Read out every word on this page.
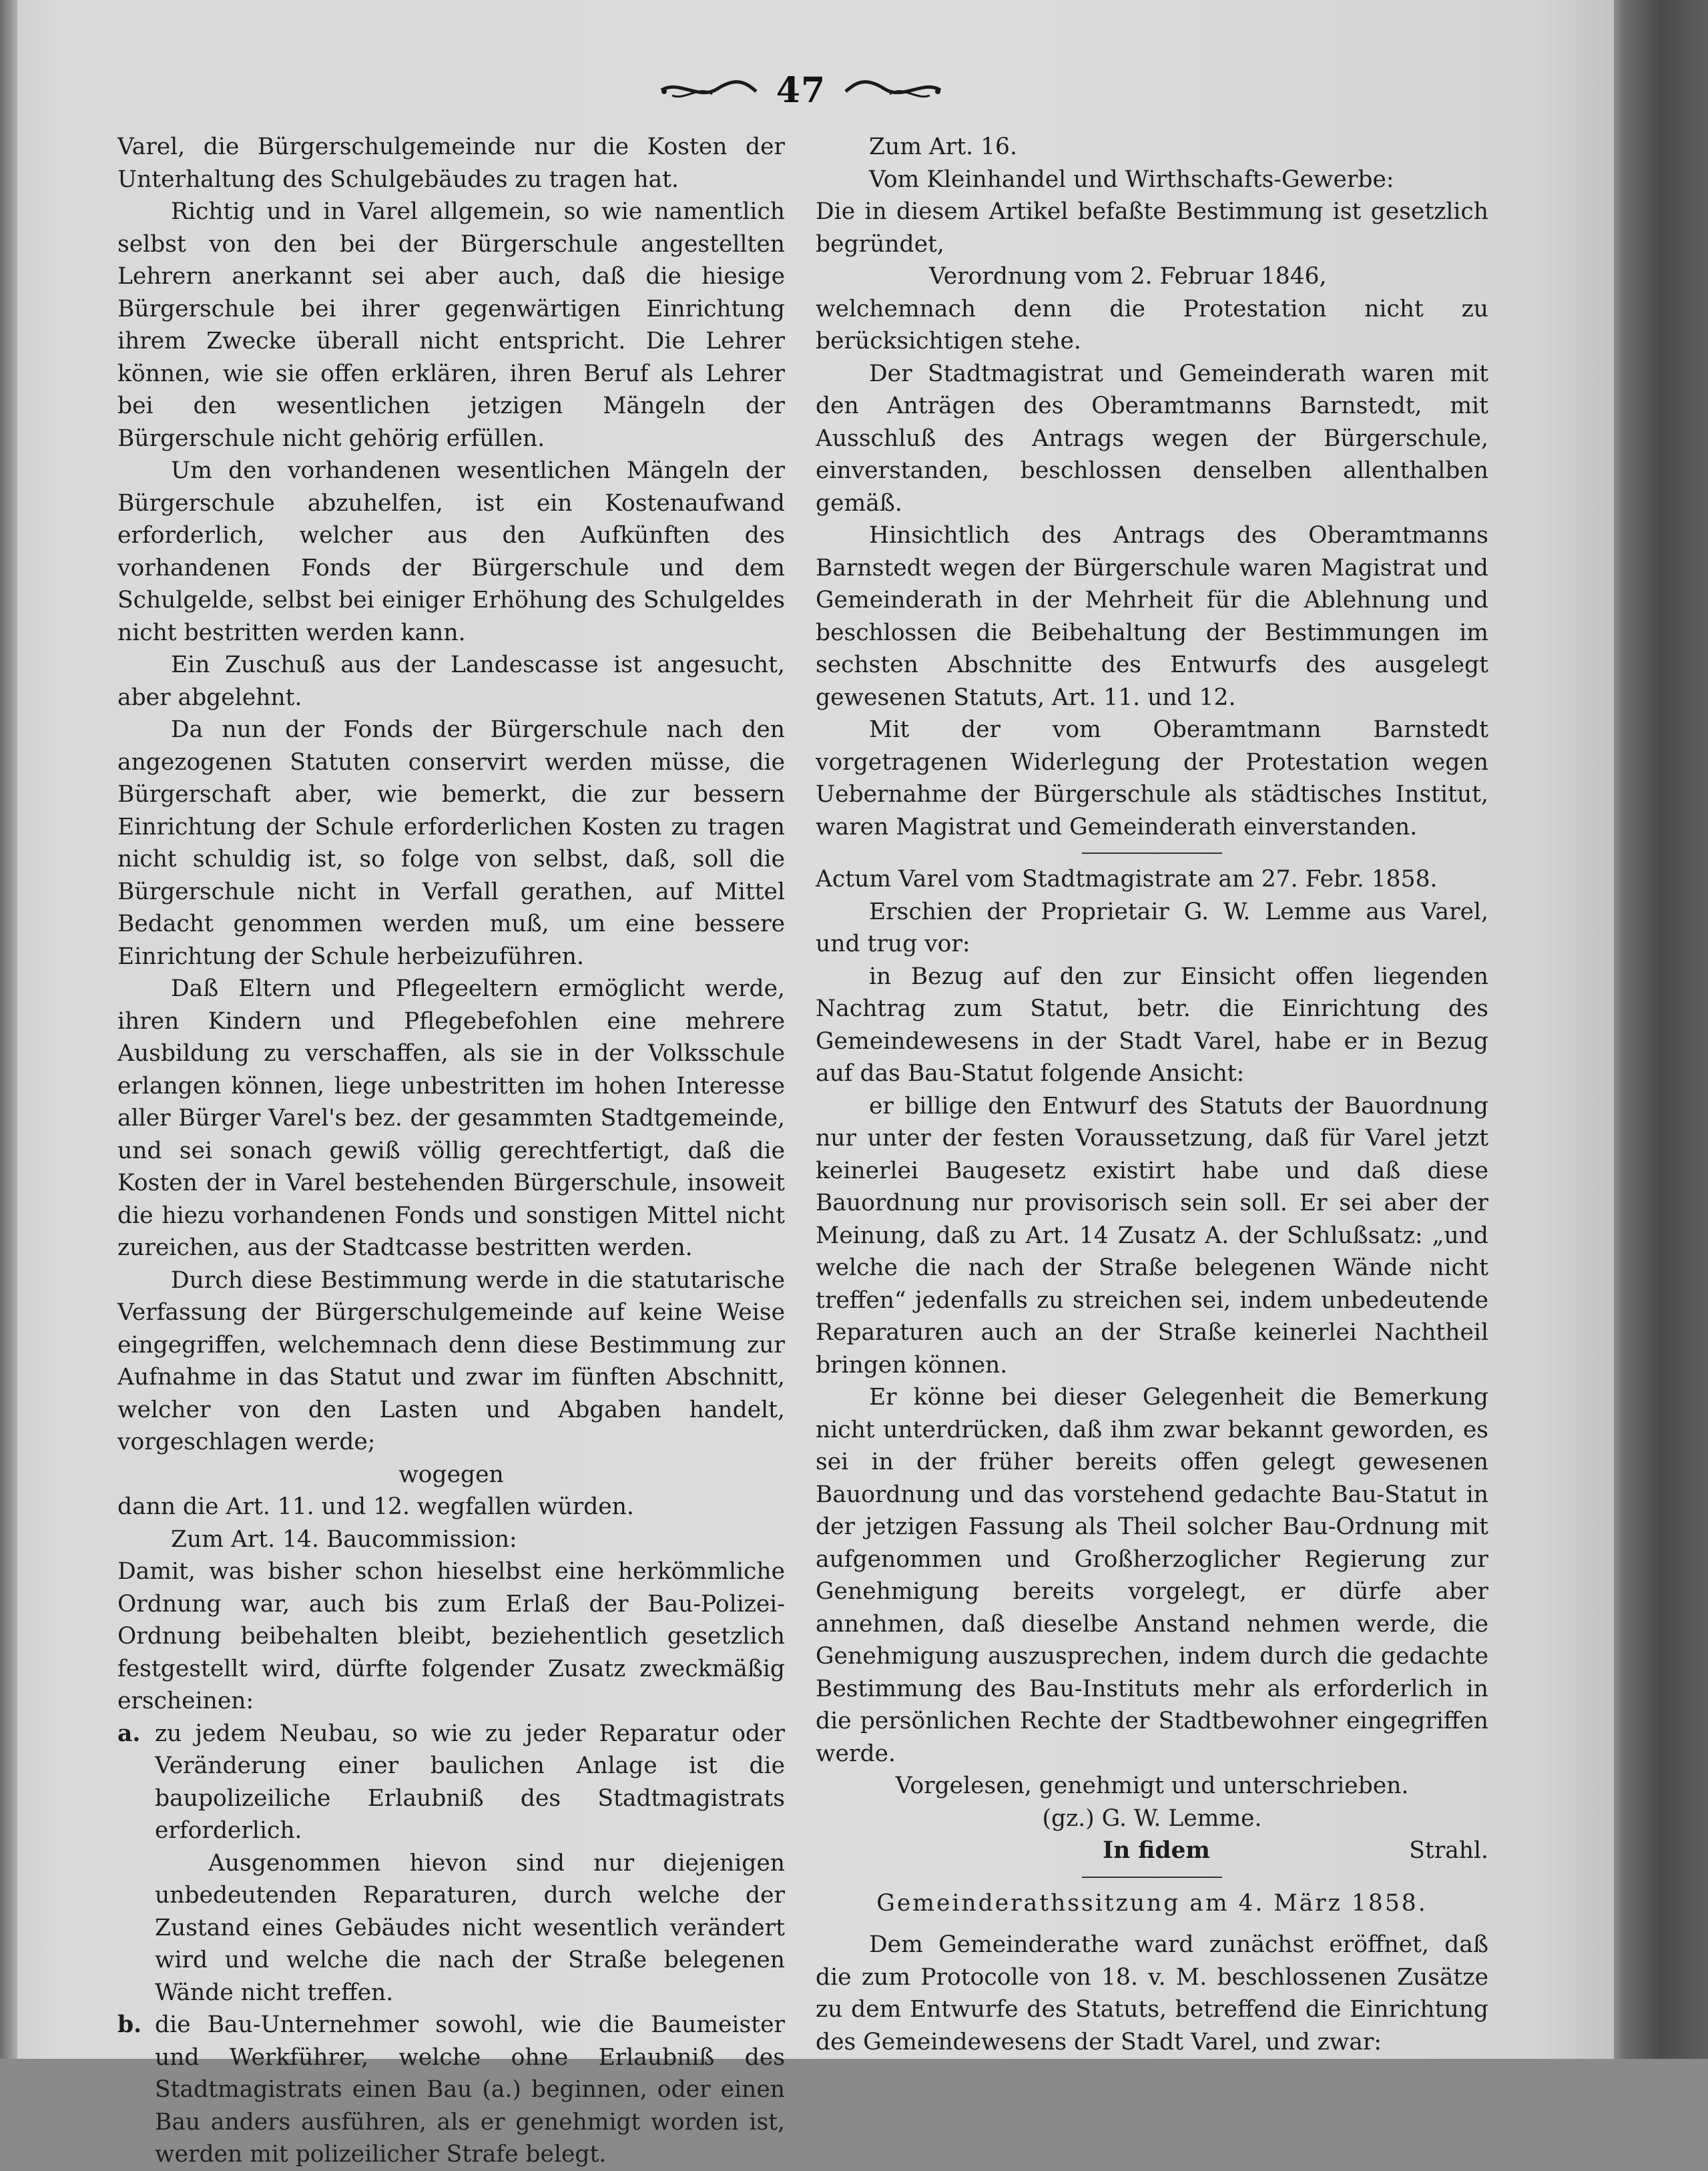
47

Varel, die Bürgerschulgemeinde nur die Kosten der Unterhaltung des Schulgebäudes zu tragen hat.

Richtig und in Varel allgemein, so wie namentlich selbst von den bei der Bürgerschule angestellten Lehrern anerkannt sei aber auch, daß die hiesige Bürgerschule bei ihrer gegenwärtigen Einrichtung ihrem Zwecke überall nicht entspricht. Die Lehrer können, wie sie offen erklären, ihren Beruf als Lehrer bei den wesentlichen jetzigen Mängeln der Bürgerschule nicht gehörig erfüllen.

Um den vorhandenen wesentlichen Mängeln der Bürgerschule abzuhelfen, ist ein Kostenaufwand erforderlich, welcher aus den Aufkünften des vorhandenen Fonds der Bürgerschule und dem Schulgelde, selbst bei einiger Erhöhung des Schulgeldes nicht bestritten werden kann.

Ein Zuschuß aus der Landescasse ist angesucht, aber abgelehnt.

Da nun der Fonds der Bürgerschule nach den angezogenen Statuten conservirt werden müsse, die Bürgerschaft aber, wie bemerkt, die zur bessern Einrichtung der Schule erforderlichen Kosten zu tragen nicht schuldig ist, so folge von selbst, daß, soll die Bürgerschule nicht in Verfall gerathen, auf Mittel Bedacht genommen werden muß, um eine bessere Einrichtung der Schule herbeizuführen.

Daß Eltern und Pflegeeltern ermöglicht werde, ihren Kindern und Pflegebefohlen eine mehrere Ausbildung zu verschaffen, als sie in der Volksschule erlangen können, liege unbestritten im hohen Interesse aller Bürger Varel's bez. der gesammten Stadtgemeinde, und sei sonach gewiß völlig gerechtfertigt, daß die Kosten der in Varel bestehenden Bürgerschule, insoweit die hiezu vorhandenen Fonds und sonstigen Mittel nicht zureichen, aus der Stadtcasse bestritten werden.

Durch diese Bestimmung werde in die statutarische Verfassung der Bürgerschulgemeinde auf keine Weise eingegriffen, welchemnach denn diese Bestimmung zur Aufnahme in das Statut und zwar im fünften Abschnitt, welcher von den Lasten und Abgaben handelt, vorgeschlagen werde;

wogegen

dann die Art. 11. und 12. wegfallen würden.

Zum Art. 14. Baucommission:

Damit, was bisher schon hieselbst eine herkömmliche Ordnung war, auch bis zum Erlaß der Bau-Polizei-Ordnung beibehalten bleibt, beziehentlich gesetzlich festgestellt wird, dürfte folgender Zusatz zweckmäßig erscheinen:

a. zu jedem Neubau, so wie zu jeder Reparatur oder Veränderung einer baulichen Anlage ist die baupolizeiliche Erlaubniß des Stadtmagistrats erforderlich.

Ausgenommen hievon sind nur diejenigen unbedeutenden Reparaturen, durch welche der Zustand eines Gebäudes nicht wesentlich verändert wird und welche die nach der Straße belegenen Wände nicht treffen.

b. die Bau-Unternehmer sowohl, wie die Baumeister und Werkführer, welche ohne Erlaubniß des Stadtmagistrats einen Bau (a.) beginnen, oder einen Bau anders ausführen, als er genehmigt worden ist, werden mit polizeilicher Strafe belegt.

Zum Art. 16.

Vom Kleinhandel und Wirthschafts-Gewerbe:

Die in diesem Artikel befaßte Bestimmung ist gesetzlich begründet,

Verordnung vom 2. Februar 1846,

welchemnach denn die Protestation nicht zu berücksichtigen stehe.

Der Stadtmagistrat und Gemeinderath waren mit den Anträgen des Oberamtmanns Barnstedt, mit Ausschluß des Antrags wegen der Bürgerschule, einverstanden, beschlossen denselben allenthalben gemäß.

Hinsichtlich des Antrags des Oberamtmanns Barnstedt wegen der Bürgerschule waren Magistrat und Gemeinderath in der Mehrheit für die Ablehnung und beschlossen die Beibehaltung der Bestimmungen im sechsten Abschnitte des Entwurfs des ausgelegt gewesenen Statuts, Art. 11. und 12.

Mit der vom Oberamtmann Barnstedt vorgetragenen Widerlegung der Protestation wegen Uebernahme der Bürgerschule als städtisches Institut, waren Magistrat und Gemeinderath einverstanden.

Actum Varel vom Stadtmagistrate am 27. Febr. 1858.

Erschien der Proprietair G. W. Lemme aus Varel, und trug vor:

in Bezug auf den zur Einsicht offen liegenden Nachtrag zum Statut, betr. die Einrichtung des Gemeindewesens in der Stadt Varel, habe er in Bezug auf das Bau-Statut folgende Ansicht:

er billige den Entwurf des Statuts der Bauordnung nur unter der festen Voraussetzung, daß für Varel jetzt keinerlei Baugesetz existirt habe und daß diese Bauordnung nur provisorisch sein soll. Er sei aber der Meinung, daß zu Art. 14 Zusatz A. der Schlußsatz: „und welche die nach der Straße belegenen Wände nicht treffen“ jedenfalls zu streichen sei, indem unbedeutende Reparaturen auch an der Straße keinerlei Nachtheil bringen können.

Er könne bei dieser Gelegenheit die Bemerkung nicht unterdrücken, daß ihm zwar bekannt geworden, es sei in der früher bereits offen gelegt gewesenen Bauordnung und das vorstehend gedachte Bau-Statut in der jetzigen Fassung als Theil solcher Bau-Ordnung mit aufgenommen und Großherzoglicher Regierung zur Genehmigung bereits vorgelegt, er dürfe aber annehmen, daß dieselbe Anstand nehmen werde, die Genehmigung auszusprechen, indem durch die gedachte Bestimmung des Bau-Instituts mehr als erforderlich in die persönlichen Rechte der Stadtbewohner eingegriffen werde.

Vorgelesen, genehmigt und unterschrieben.

(gz.) G. W. Lemme.

In fidem	Strahl.

Gemeinderathssitzung am 4. März 1858.

Dem Gemeinderathe ward zunächst eröffnet, daß die zum Protocolle von 18. v. M. beschlossenen Zusätze zu dem Entwurfe des Statuts, betreffend die Einrichtung des Gemeindewesens der Stadt Varel, und zwar:
